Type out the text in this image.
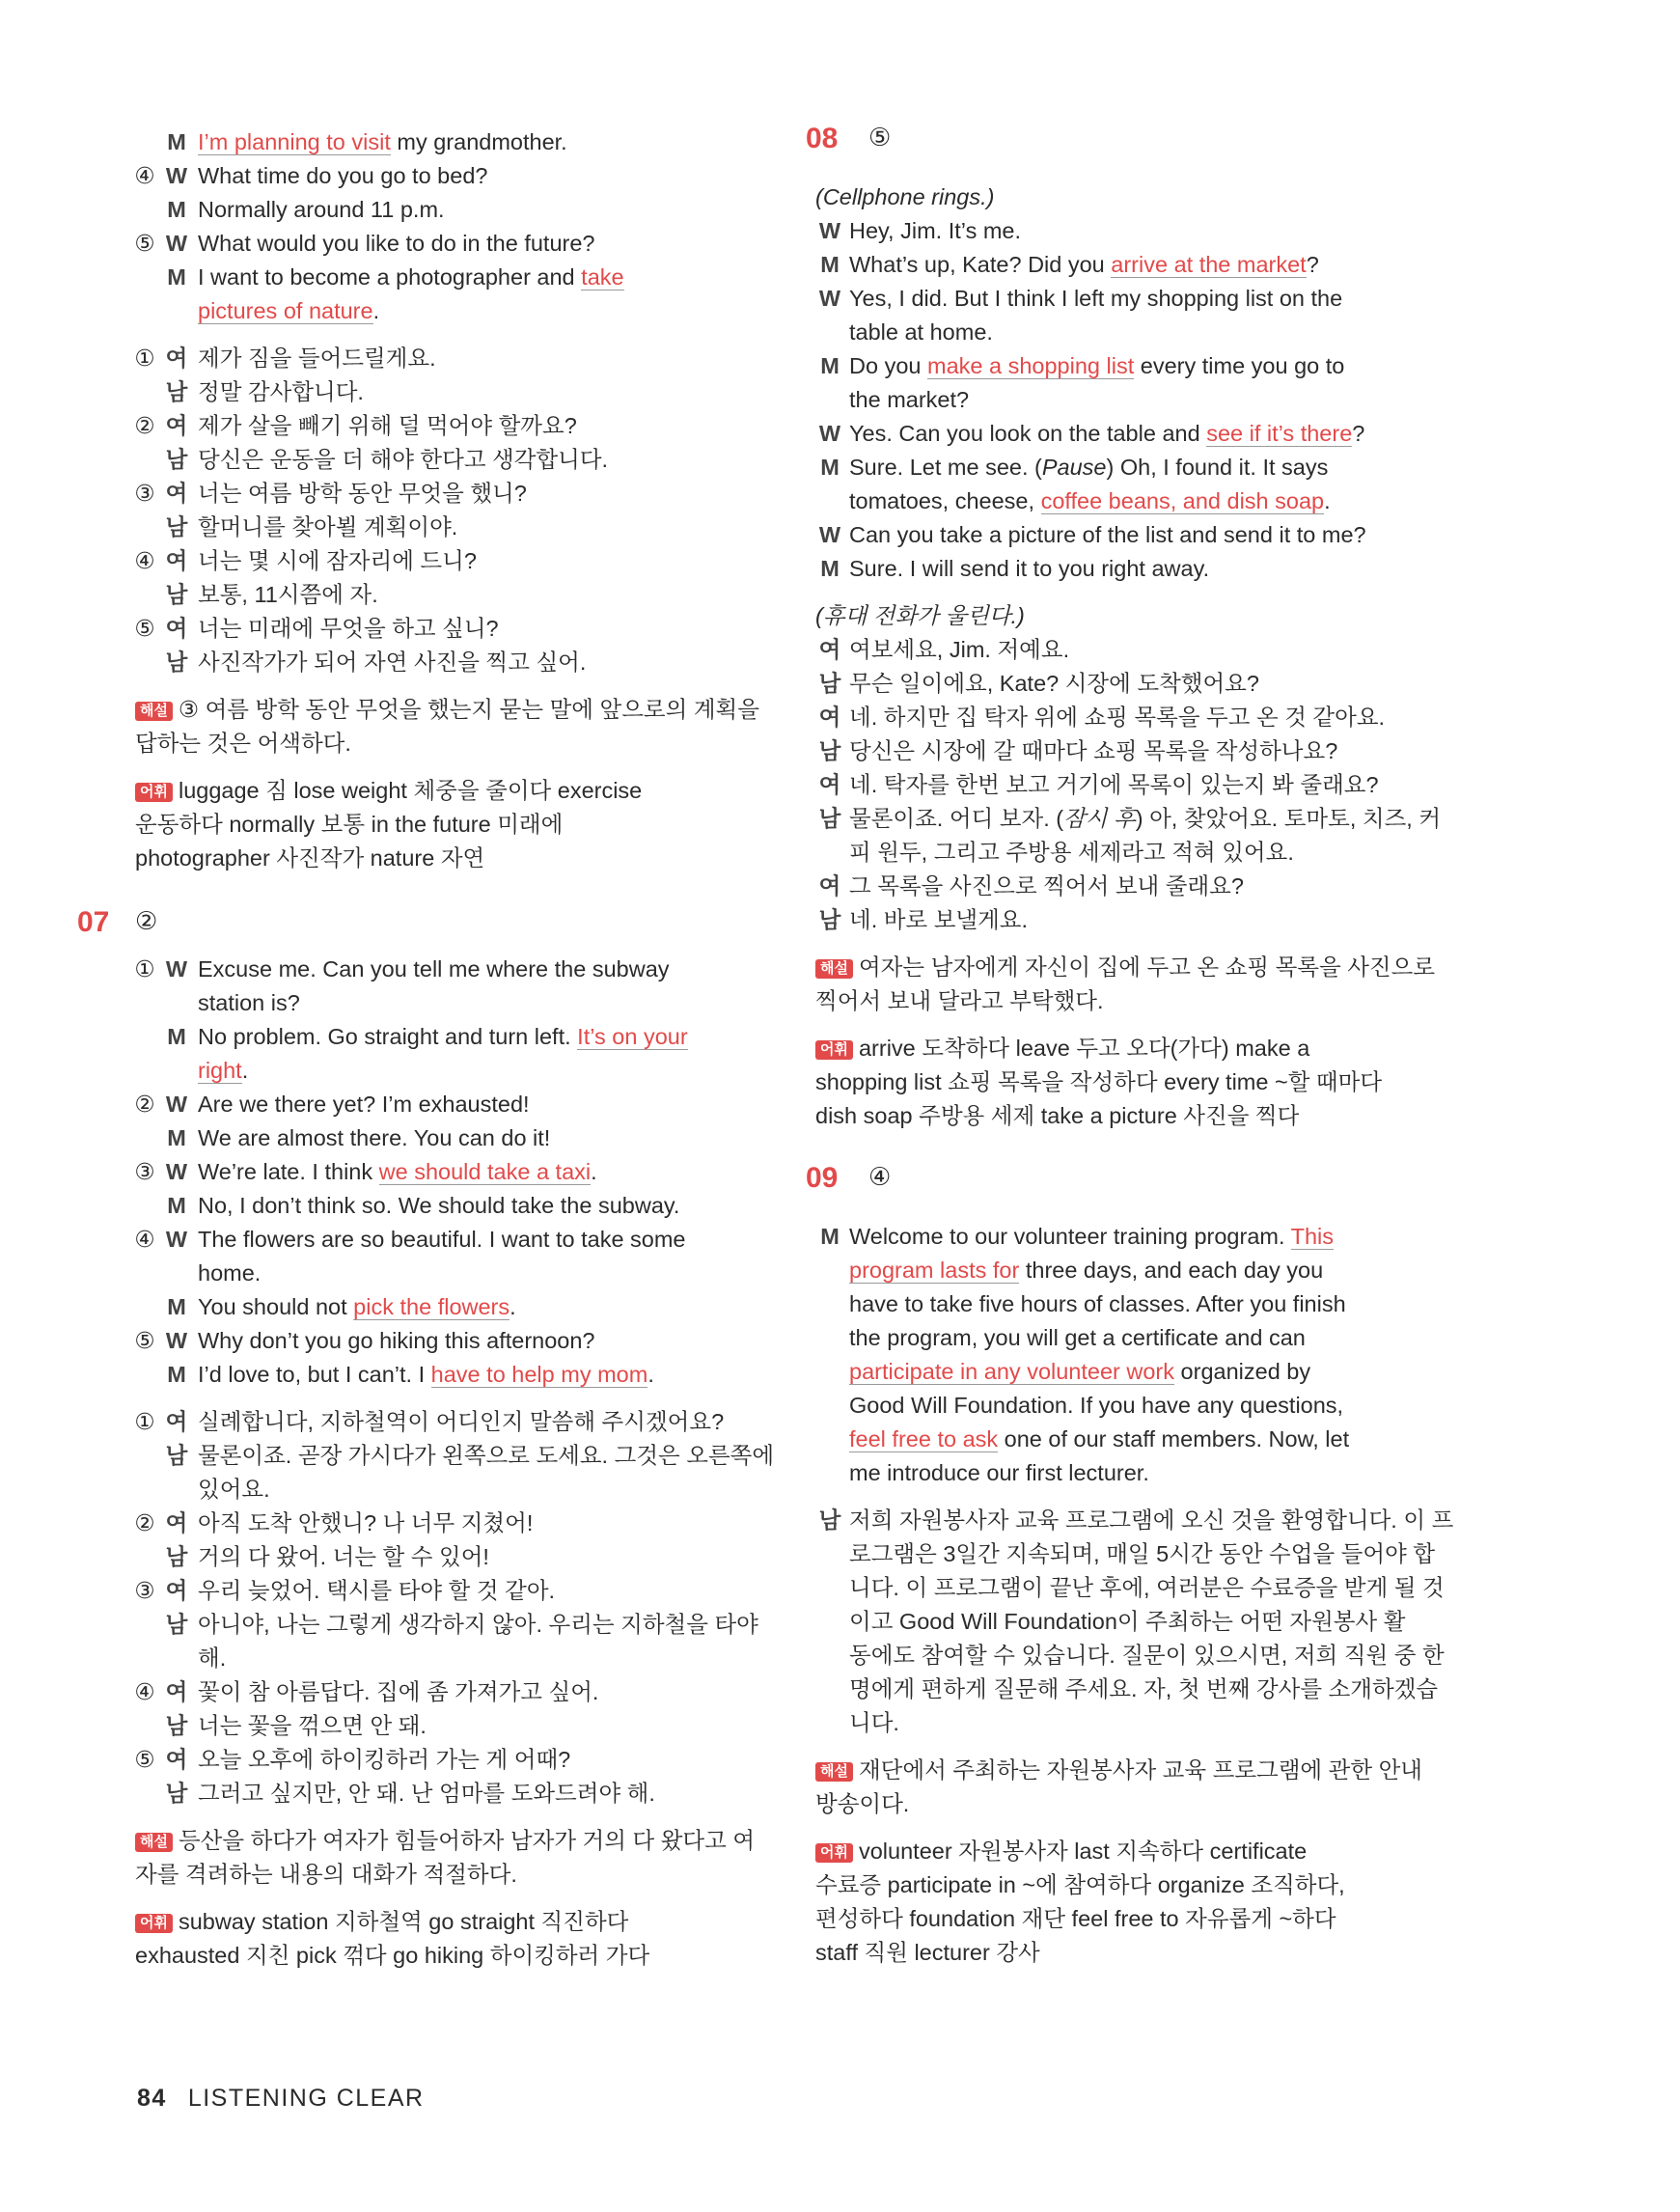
M I’m planning to visit my grandmother.
④ W What time do you go to bed?
M Normally around 11 p.m.
⑤ W What would you like to do in the future?
M I want to become a photographer and take
pictures of nature.
① 여 제가 짐을 들어드릴게요.
남 정말 감사합니다.
② 여 제가 살을 빼기 위해 덜 먹어야 할까요?
남 당신은 운동을 더 해야 한다고 생각합니다.
③ 여 너는 여름 방학 동안 무엇을 했니?
남 할머니를 찾아뵐 계획이야.
④ 여 너는 몇 시에 잠자리에 드니?
남 보통, 11시쯤에 자.
⑤ 여 너는 미래에 무엇을 하고 싶니?
남 사진작가가 되어 자연 사진을 찍고 싶어.
해설 ③ 여름 방학 동안 무엇을 했는지 묻는 말에 앞으로의 계획을
답하는 것은 어색하다.
어휘 luggage 짐 lose weight 체중을 줄이다 exercise
운동하다 normally 보통 in the future 미래에
photographer 사진작가 nature 자연
07 ②
① W Excuse me. Can you tell me where the subway
station is?
M No problem. Go straight and turn left. It’s on your
right.
② W Are we there yet? I’m exhausted!
M We are almost there. You can do it!
③ W We’re late. I think we should take a taxi.
M No, I don’t think so. We should take the subway.
④ W The flowers are so beautiful. I want to take some
home.
M You should not pick the flowers.
⑤ W Why don’t you go hiking this afternoon?
M I’d love to, but I can’t. I have to help my mom.
① 여 실례합니다, 지하철역이 어디인지 말씀해 주시겠어요?
남 물론이죠. 곧장 가시다가 왼쪽으로 도세요. 그것은 오른쪽에
있어요.
② 여 아직 도착 안했니? 나 너무 지쳤어!
남 거의 다 왔어. 너는 할 수 있어!
③ 여 우리 늦었어. 택시를 타야 할 것 같아.
남 아니야, 나는 그렇게 생각하지 않아. 우리는 지하철을 타야
해.
④ 여 꽃이 참 아름답다. 집에 좀 가져가고 싶어.
남 너는 꽃을 꺾으면 안 돼.
⑤ 여 오늘 오후에 하이킹하러 가는 게 어때?
남 그러고 싶지만, 안 돼. 난 엄마를 도와드려야 해.
해설 등산을 하다가 여자가 힘들어하자 남자가 거의 다 왔다고 여
자를 격려하는 내용의 대화가 적절하다.
어휘 subway station 지하철역 go straight 직진하다
exhausted 지친 pick 꺾다 go hiking 하이킹하러 가다
08 ⑤
(Cellphone rings.)
W Hey, Jim. It’s me.
M What’s up, Kate? Did you arrive at the market?
W Yes, I did. But I think I left my shopping list on the
table at home.
M Do you make a shopping list every time you go to
the market?
W Yes. Can you look on the table and see if it’s there?
M Sure. Let me see. (Pause) Oh, I found it. It says
tomatoes, cheese, coffee beans, and dish soap.
W Can you take a picture of the list and send it to me?
M Sure. I will send it to you right away.
(휴대 전화가 울린다.)
여 여보세요, Jim. 저예요.
남 무슨 일이에요, Kate? 시장에 도착했어요?
여 네. 하지만 집 탁자 위에 쇼핑 목록을 두고 온 것 같아요.
남 당신은 시장에 갈 때마다 쇼핑 목록을 작성하나요?
여 네. 탁자를 한번 보고 거기에 목록이 있는지 봐 줄래요?
남 물론이죠. 어디 보자. (잠시 후) 아, 찾았어요. 토마토, 치즈, 커
피 원두, 그리고 주방용 세제라고 적혀 있어요.
여 그 목록을 사진으로 찍어서 보내 줄래요?
남 네. 바로 보낼게요.
해설 여자는 남자에게 자신이 집에 두고 온 쇼핑 목록을 사진으로
찍어서 보내 달라고 부탁했다.
어휘 arrive 도착하다 leave 두고 오다(가다) make a
shopping list 쇼핑 목록을 작성하다 every time ~할 때마다
dish soap 주방용 세제 take a picture 사진을 찍다
09 ④
M Welcome to our volunteer training program. This
program lasts for three days, and each day you
have to take five hours of classes. After you finish
the program, you will get a certificate and can
participate in any volunteer work organized by
Good Will Foundation. If you have any questions,
feel free to ask one of our staff members. Now, let
me introduce our first lecturer.
남 저희 자원봉사자 교육 프로그램에 오신 것을 환영합니다. 이 프
로그램은 3일간 지속되며, 매일 5시간 동안 수업을 들어야 합
니다. 이 프로그램이 끝난 후에, 여러분은 수료증을 받게 될 것
이고 Good Will Foundation이 주최하는 어떤 자원봉사 활
동에도 참여할 수 있습니다. 질문이 있으시면, 저희 직원 중 한
명에게 편하게 질문해 주세요. 자, 첫 번째 강사를 소개하겠습
니다.
해설 재단에서 주최하는 자원봉사자 교육 프로그램에 관한 안내
방송이다.
어휘 volunteer 자원봉사자 last 지속하다 certificate
수료증 participate in ~에 참여하다 organize 조직하다,
편성하다 foundation 재단 feel free to 자유롭게 ~하다
staff 직원 lecturer 강사
84 LISTENING CLEAR
